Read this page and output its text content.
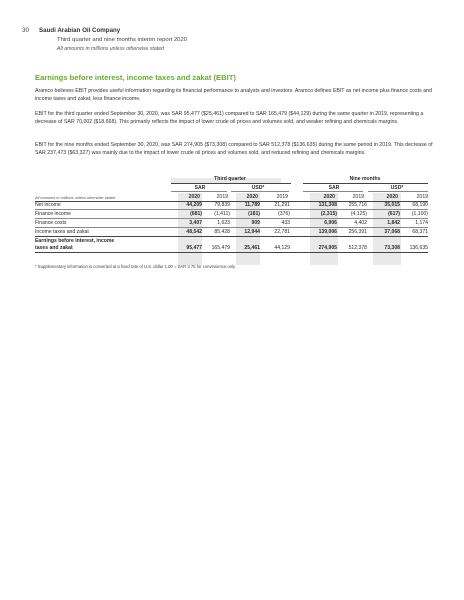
30 Saudi Arabian Oil Company
Third quarter and nine months interim report 2020
All amounts in millions unless otherwise stated
Earnings before interest, income taxes and zakat (EBIT)
Aramco believes EBIT provides useful information regarding its financial performance to analysts and investors. Aramco defines EBIT as net income plus finance costs and income taxes and zakat, less finance income.
EBIT for the third quarter ended September 30, 2020, was SAR 95,477 ($25,461) compared to SAR 165,479 ($44,129) during the same quarter in 2019, representing a decrease of SAR 70,002 ($18,668). This primarily reflects the impact of lower crude oil prices and volumes sold, and weaker refining and chemicals margins.
EBIT for the nine months ended September 30, 2020, was SAR 274,905 ($73,308) compared to SAR 512,378 ($136,635) during the same period in 2019. This decrease of SAR 237,473 ($63,327) was mainly due to the impact of lower crude oil prices and volumes sold, and reduced refining and chemicals margins.
Third quarter	Nine months
SAR	USD*	SAR	USD*
All amounts in millions unless otherwise stated	2020	2019	2020	2019	2020	2019	2020	2019
Net income	44,209	79,839	11,789	21,291	131,308	255,716	35,015	68,190
Finance income	(681)	(1,411)	(181)	(376)	(2,315)	(4,125)	(617)	(1,100)
Finance costs	3,407	1,623	909	433	6,906	4,402	1,842	1,174
Income taxes and zakat	48,542	85,428	12,944	22,781	139,006	256,391	37,068	68,371
Earnings before interest, income
taxes and zakat	95,477	165,479	25,461	44,129	274,905	512,378	73,308	136,635
* Supplementary information is converted at a fixed rate of U.S. dollar 1.00 = SAR 3.75 for convenience only.
